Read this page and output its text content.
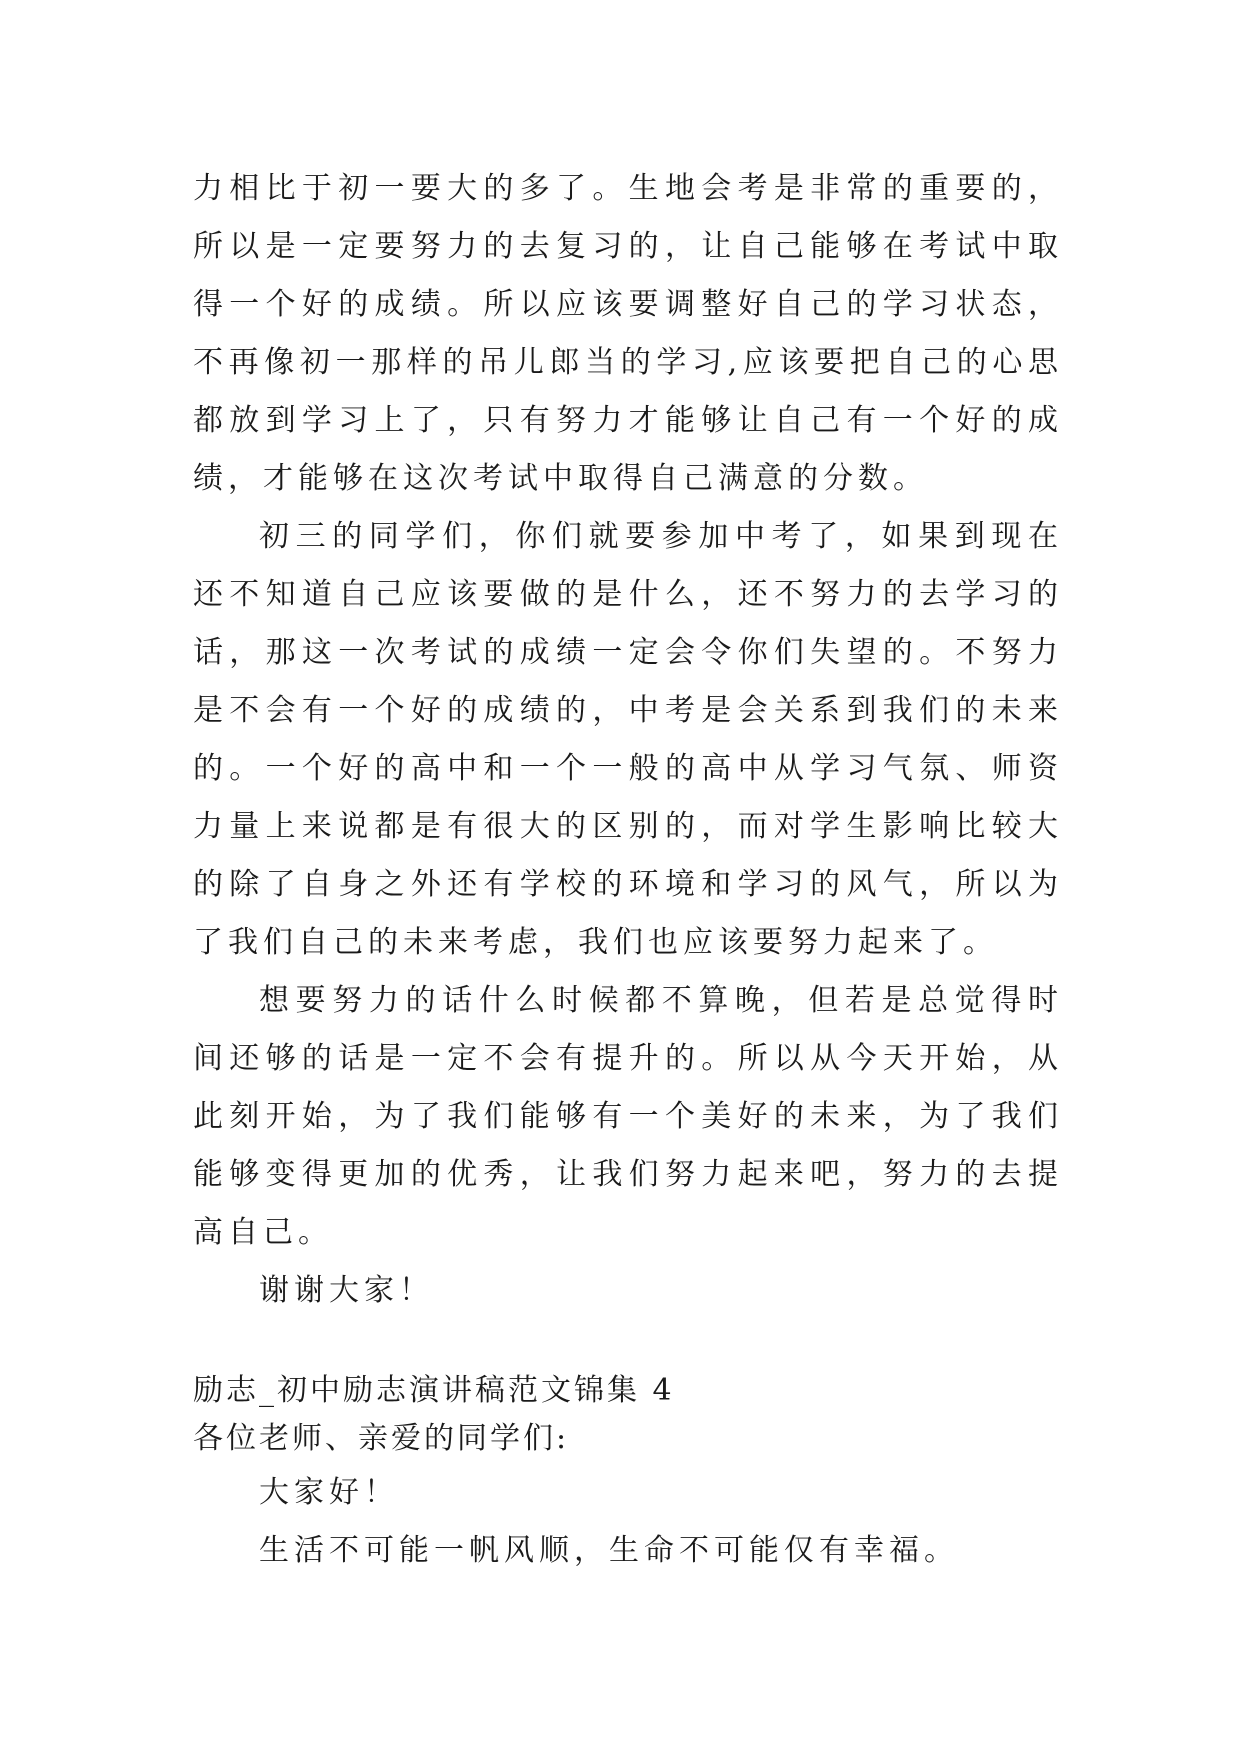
力相比于初一要大的多了。生地会考是非常的重要的，所以是一定要努力的去复习的，让自己能够在考试中取得一个好的成绩。所以应该要调整好自己的学习状态，不再像初一那样的吊儿郎当的学习,应该要把自己的心思都放到学习上了，只有努力才能够让自己有一个好的成绩，才能够在这次考试中取得自己满意的分数。

初三的同学们，你们就要参加中考了，如果到现在还不知道自己应该要做的是什么，还不努力的去学习的话，那这一次考试的成绩一定会令你们失望的。不努力是不会有一个好的成绩的，中考是会关系到我们的未来的。一个好的高中和一个一般的高中从学习气氛、师资力量上来说都是有很大的区别的，而对学生影响比较大的除了自身之外还有学校的环境和学习的风气，所以为了我们自己的未来考虑，我们也应该要努力起来了。

想要努力的话什么时候都不算晚，但若是总觉得时间还够的话是一定不会有提升的。所以从今天开始，从此刻开始，为了我们能够有一个美好的未来，为了我们能够变得更加的优秀，让我们努力起来吧，努力的去提高自己。

谢谢大家！

励志_初中励志演讲稿范文锦集 4

各位老师、亲爱的同学们:

大家好！

生活不可能一帆风顺，生命不可能仅有幸福。
